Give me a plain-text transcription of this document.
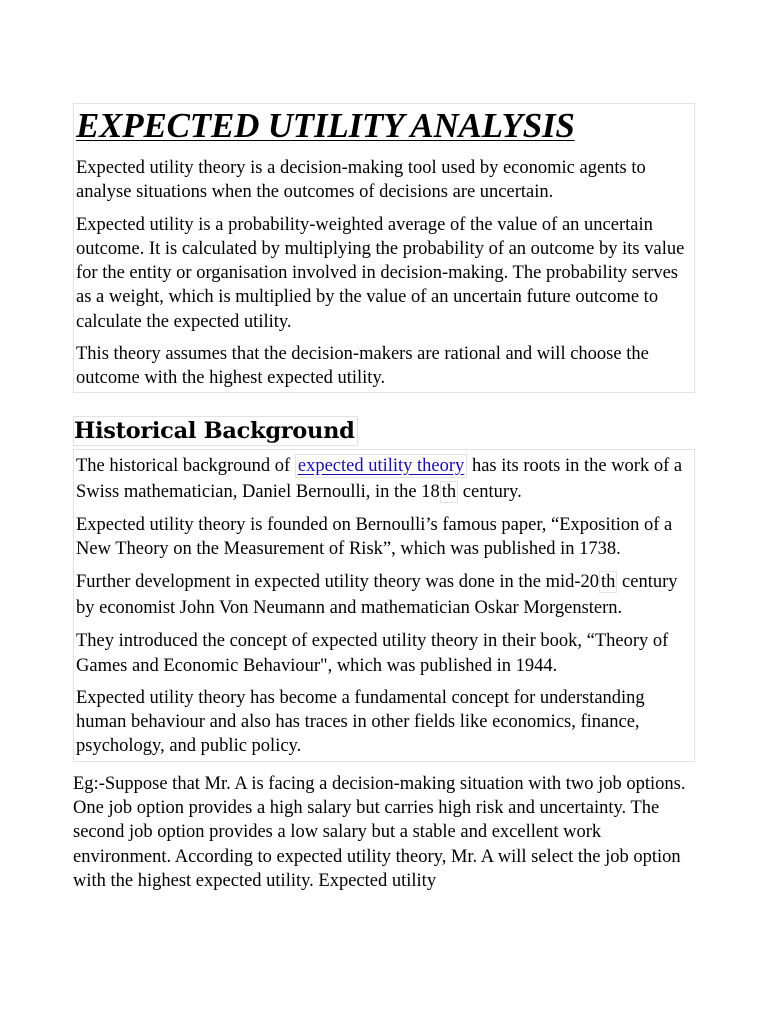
EXPECTED UTILITY ANALYSIS

Expected utility theory is a decision-making tool used by economic agents to analyse situations when the outcomes of decisions are uncertain.

Expected utility is a probability-weighted average of the value of an uncertain outcome. It is calculated by multiplying the probability of an outcome by its value for the entity or organisation involved in decision-making. The probability serves as a weight, which is multiplied by the value of an uncertain future outcome to calculate the expected utility.

This theory assumes that the decision-makers are rational and will choose the outcome with the highest expected utility.

Historical Background

The historical background of expected utility theory has its roots in the work of a Swiss mathematician, Daniel Bernoulli, in the 18 th century.

Expected utility theory is founded on Bernoulli’s famous paper, “Exposition of a New Theory on the Measurement of Risk”, which was published in 1738.

Further development in expected utility theory was done in the mid-20 th century by economist John Von Neumann and mathematician Oskar Morgenstern.

They introduced the concept of expected utility theory in their book, “Theory of Games and Economic Behaviour", which was published in 1944.

Expected utility theory has become a fundamental concept for understanding human behaviour and also has traces in other fields like economics, finance, psychology, and public policy.

Eg:-Suppose that Mr. A is facing a decision-making situation with two job options. One job option provides a high salary but carries high risk and uncertainty. The second job option provides a low salary but a stable and excellent work environment. According to expected utility theory, Mr. A will select the job option with the highest expected utility. Expected utility
